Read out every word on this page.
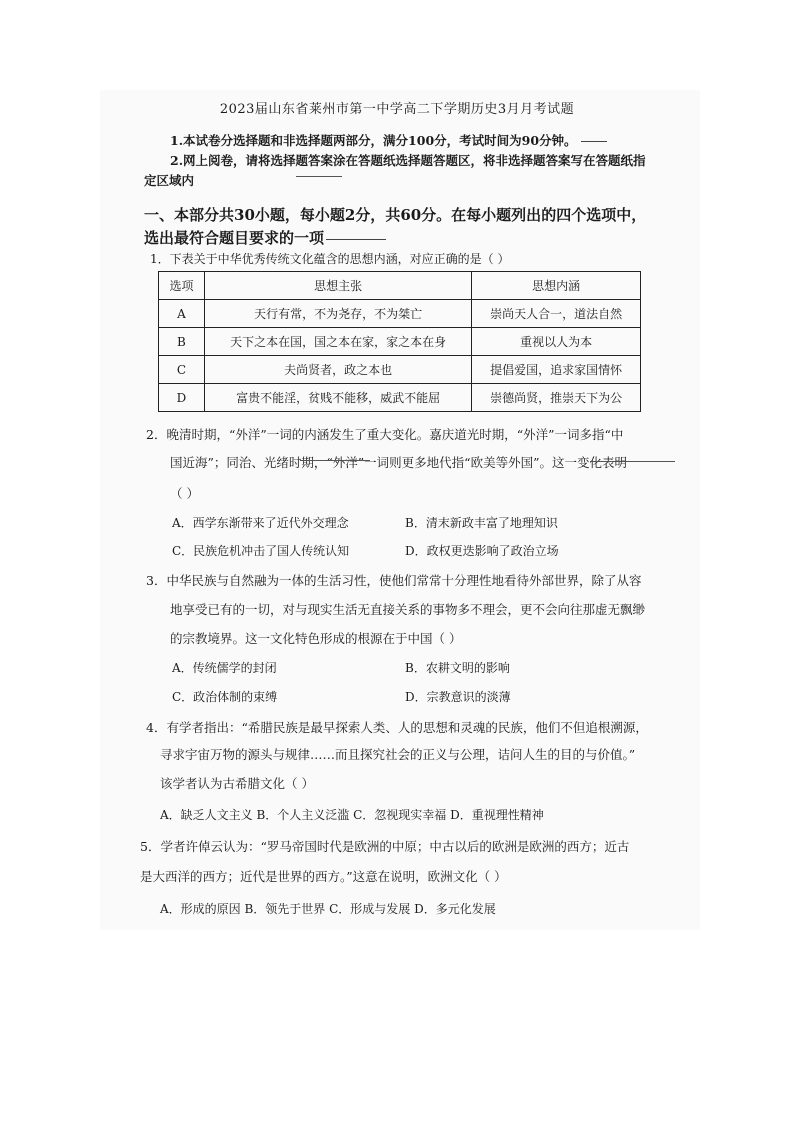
2023届山东省莱州市第一中学高二下学期历史3月月考试题
1.本试卷分选择题和非选择题两部分，满分100分，考试时间为90分钟。
2.网上阅卷，请将选择题答案涂在答题纸选择题答题区，将非选择题答案写在答题纸指
定区域内
一、本部分共30小题，每小题2分，共60分。在每小题列出的四个选项中，
选出最符合题目要求的一项
1．下表关于中华优秀传统文化蕴含的思想内涵，对应正确的是（ ）
选项	思想主张	思想内涵
A	天行有常，不为尧存，不为桀亡	崇尚天人合一，道法自然
B	天下之本在国，国之本在家，家之本在身	重视以人为本
C	夫尚贤者，政之本也	提倡爱国，追求家国情怀
D	富贵不能淫，贫贱不能移，威武不能屈	崇德尚贤，推崇天下为公
2．晚清时期，“外洋”一词的内涵发生了重大变化。嘉庆道光时期，“外洋”一词多指“中
国近海”；同治、光绪时期，“外洋”一词则更多地代指“欧美等外国”。这一变化表明
（ ）
A．西学东渐带来了近代外交理念	B．清末新政丰富了地理知识
C．民族危机冲击了国人传统认知	D．政权更迭影响了政治立场
3．中华民族与自然融为一体的生活习性，使他们常常十分理性地看待外部世界，除了从容
地享受已有的一切，对与现实生活无直接关系的事物多不理会，更不会向往那虚无飘缈
的宗教境界。这一文化特色形成的根源在于中国（ ）
A．传统儒学的封闭	B．农耕文明的影响
C．政治体制的束缚	D．宗教意识的淡薄
4．有学者指出：“希腊民族是最早探索人类、人的思想和灵魂的民族，他们不但追根溯源，
寻求宇宙万物的源头与规律……而且探究社会的正义与公理，诘问人生的目的与价值。”
该学者认为古希腊文化（ ）
A．缺乏人文主义 B．个人主义泛滥 C．忽视现实幸福 D．重视理性精神
5．学者许倬云认为：“罗马帝国时代是欧洲的中原；中古以后的欧洲是欧洲的西方；近古
是大西洋的西方；近代是世界的西方。”这意在说明，欧洲文化（ ）
A．形成的原因 B．领先于世界 C．形成与发展 D．多元化发展
